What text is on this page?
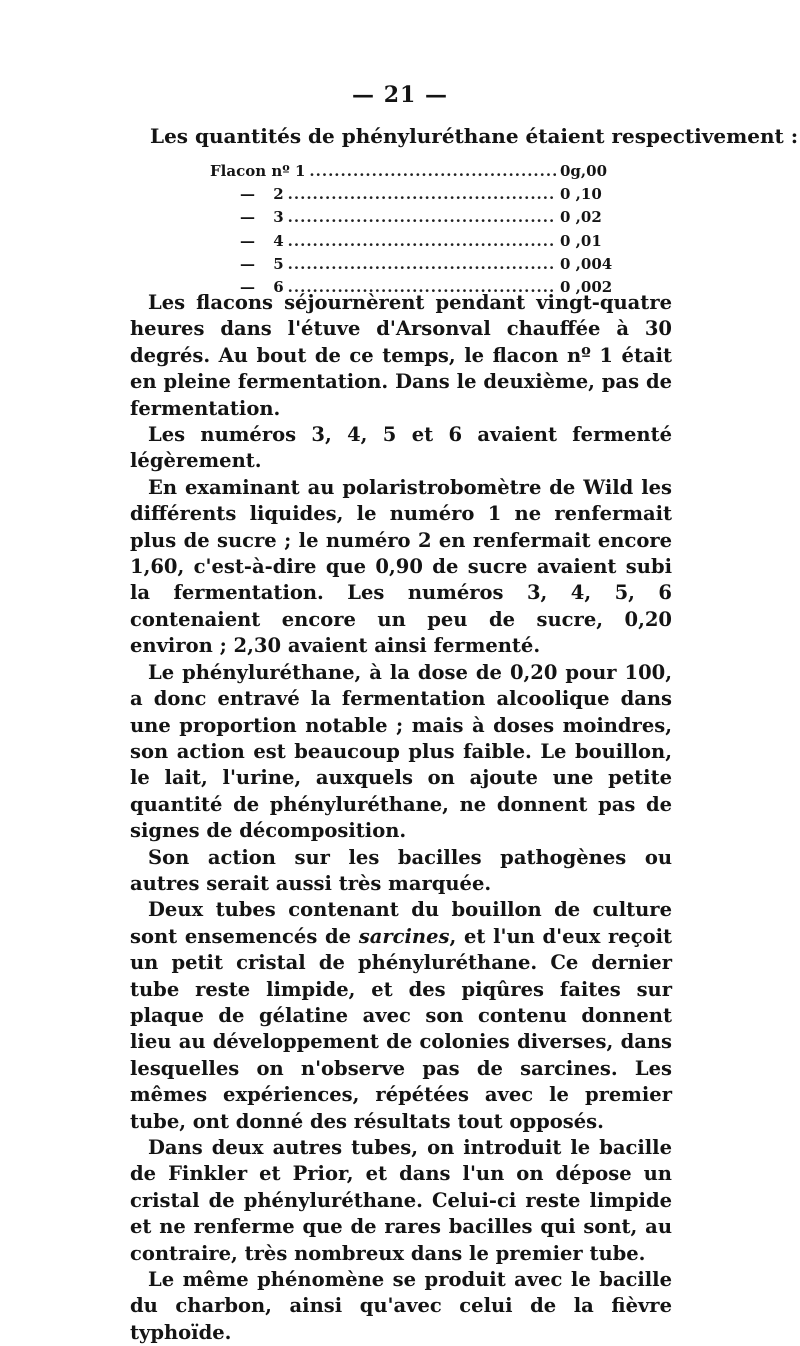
— 21 —
Les quantités de phényluréthane étaient respectivement :
Flacon nº 1 .....	0g,00
— 2 .....	0 ,10
— 3 .....	0 ,02
— 4 .....	0 ,01
— 5 .....	0 ,004
— 6 .....	0 ,002

Les flacons séjournèrent pendant vingt-quatre heures dans l'étuve d'Arsonval chauffée à 30 degrés. Au bout de ce temps, le flacon nº 1 était en pleine fermentation. Dans le deuxième, pas de fermentation.

Les numéros 3, 4, 5 et 6 avaient fermenté légèrement.

En examinant au polaristrobomètre de Wild les différents liquides, le numéro 1 ne renfermait plus de sucre ; le numéro 2 en renfermait encore 1,60, c'est-à-dire que 0,90 de sucre avaient subi la fermentation. Les numéros 3, 4, 5, 6 contenaient encore un peu de sucre, 0,20 environ ; 2,30 avaient ainsi fermenté.

Le phényluréthane, à la dose de 0,20 pour 100, a donc entravé la fermentation alcoolique dans une proportion notable ; mais à doses moindres, son action est beaucoup plus faible. Le bouillon, le lait, l'urine, auxquels on ajoute une petite quantité de phényluréthane, ne donnent pas de signes de décomposition.

Son action sur les bacilles pathogènes ou autres serait aussi très marquée.

Deux tubes contenant du bouillon de culture sont ensemencés de sarcines, et l'un d'eux reçoit un petit cristal de phényluréthane. Ce dernier tube reste limpide, et des piqûres faites sur plaque de gélatine avec son contenu donnent lieu au développement de colonies diverses, dans lesquelles on n'observe pas de sarcines. Les mêmes expériences, répétées avec le premier tube, ont donné des résultats tout opposés.

Dans deux autres tubes, on introduit le bacille de Finkler et Prior, et dans l'un on dépose un cristal de phényluréthane. Celui-ci reste limpide et ne renferme que de rares bacilles qui sont, au contraire, très nombreux dans le premier tube.

Le même phénomène se produit avec le bacille du charbon, ainsi qu'avec celui de la fièvre typhoïde.
